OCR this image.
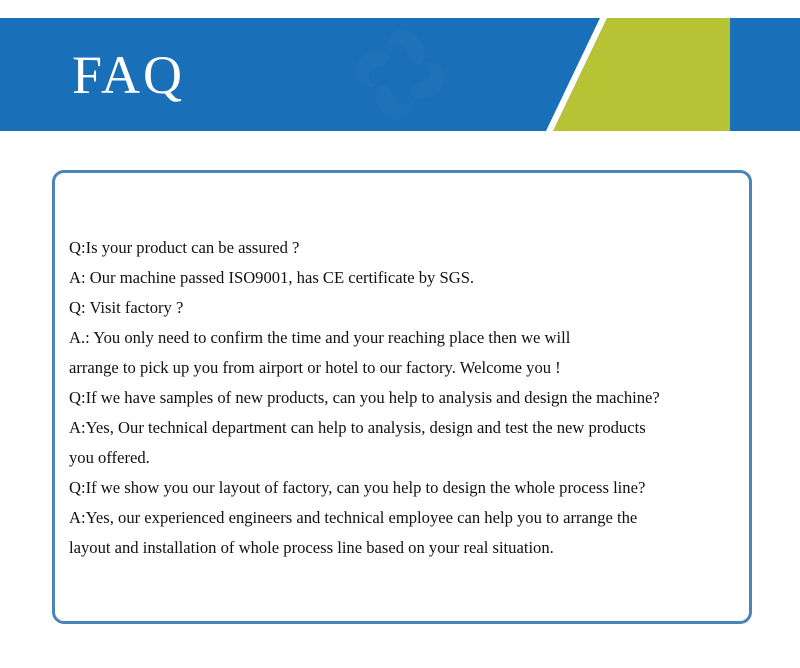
FAQ
Q:Is your product can be assured ?
A: Our machine passed ISO9001, has CE certificate by SGS.
Q: Visit factory ?
A.: You only need to confirm the time and your reaching place then we will
arrange to pick up you from airport or hotel to our factory. Welcome you !
Q:If we have samples of new products, can you help to analysis and design the machine?
A:Yes, Our technical department can help to analysis, design and test the new products
you offered.
Q:If we show you our layout of factory, can you help to design the whole process line?
A:Yes, our experienced engineers and technical employee can help you to arrange the
layout and installation of whole process line based on your real situation.
